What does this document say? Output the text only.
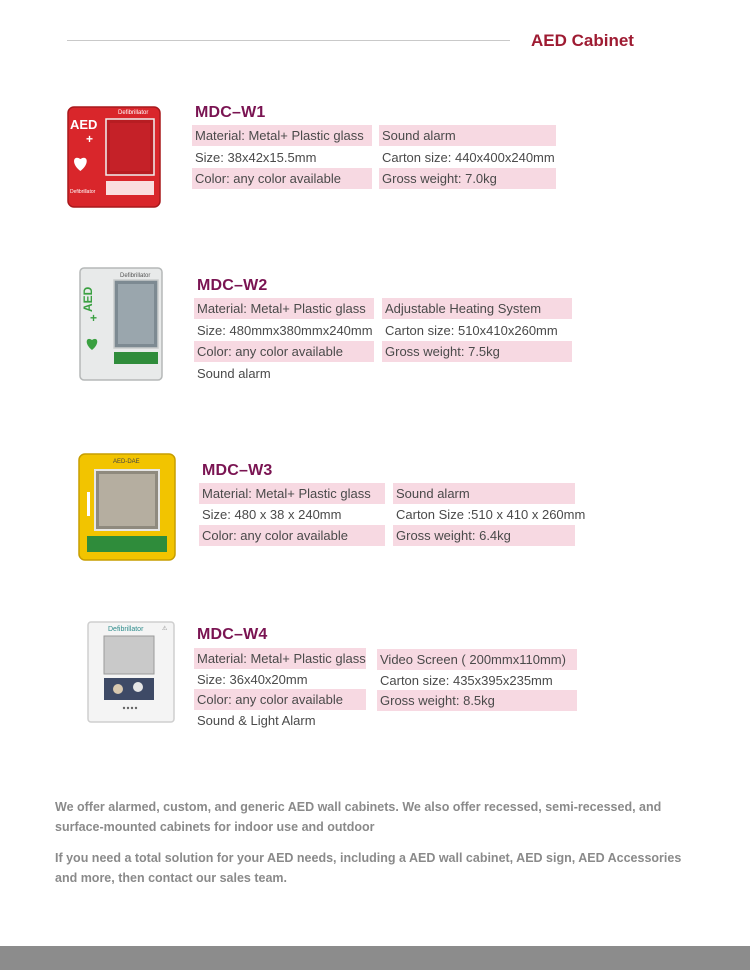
AED Cabinet
Defibrillator
AED
+
Defibrillator
MDC–W1
Material: Metal+ Plastic glass
Size: 38x42x15.5mm
Color: any color available
Sound alarm
Carton size: 440x400x240mm
Gross weight: 7.0kg
Defibrillator
AED
+
MDC–W2
Material: Metal+ Plastic glass
Size: 480mmx380mmx240mm
Color: any color available
Sound alarm
Adjustable Heating System
Carton size: 510x410x260mm
Gross weight: 7.5kg
AED-DAE	MDC–W3
Material: Metal+ Plastic glass
Size: 480 x 38 x 240mm
Color: any color available
Sound alarm
Carton Size :510 x 410 x 260mm
Gross weight: 6.4kg
Defibrillator	⚠ MDC–W4
Material: Metal+ Plastic glass
Size: 36x40x20mm
Color: any color available
Sound & Light Alarm
Video Screen ( 200mmx110mm)
Carton size: 435x395x235mm
Gross weight: 8.5kg
We offer alarmed, custom, and generic AED wall cabinets. We also offer recessed, semi-recessed, and surface-mounted cabinets for indoor use and outdoor
If you need a total solution for your AED needs, including a AED wall cabinet, AED sign, AED Accessories and more, then contact our sales team.
